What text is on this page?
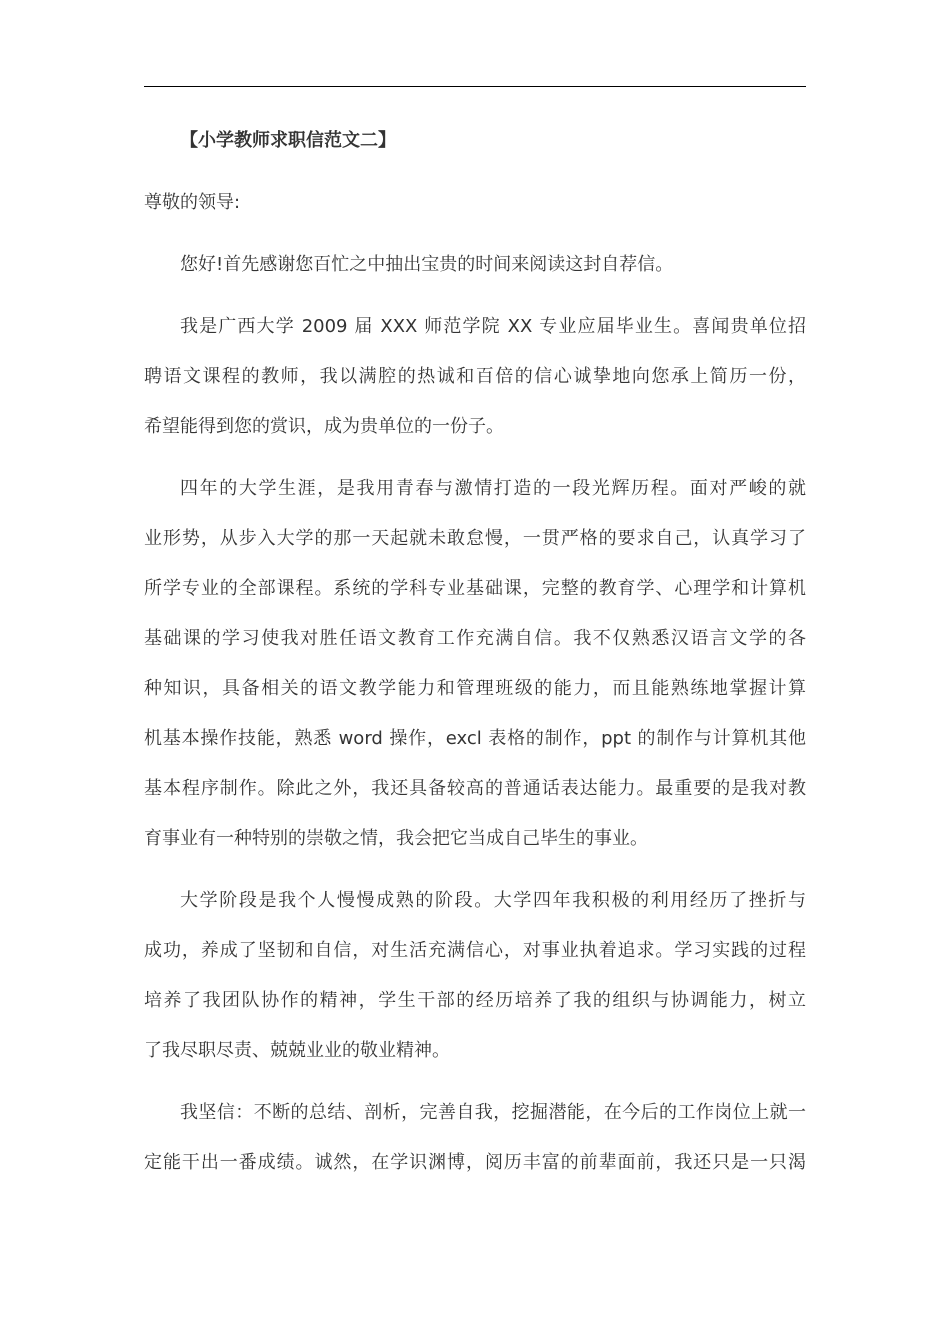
【小学教师求职信范文二】
尊敬的领导:
您好!首先感谢您百忙之中抽出宝贵的时间来阅读这封自荐信。
我是广西大学 2009 届 XXX 师范学院 XX 专业应届毕业生。喜闻贵单位招
聘语文课程的教师，我以满腔的热诚和百倍的信心诚挚地向您承上简历一份，
希望能得到您的赏识，成为贵单位的一份子。
四年的大学生涯，是我用青春与激情打造的一段光辉历程。面对严峻的就
业形势，从步入大学的那一天起就未敢怠慢，一贯严格的要求自己，认真学习了
所学专业的全部课程。系统的学科专业基础课，完整的教育学、心理学和计算机
基础课的学习使我对胜任语文教育工作充满自信。我不仅熟悉汉语言文学的各
种知识，具备相关的语文教学能力和管理班级的能力，而且能熟练地掌握计算
机基本操作技能，熟悉 word 操作，excl 表格的制作，ppt 的制作与计算机其他
基本程序制作。除此之外，我还具备较高的普通话表达能力。最重要的是我对教
育事业有一种特别的崇敬之情，我会把它当成自己毕生的事业。
大学阶段是我个人慢慢成熟的阶段。大学四年我积极的利用经历了挫折与
成功，养成了坚韧和自信，对生活充满信心，对事业执着追求。学习实践的过程
培养了我团队协作的精神，学生干部的经历培养了我的组织与协调能力，树立
了我尽职尽责、兢兢业业的敬业精神。
我坚信：不断的总结、剖析，完善自我，挖掘潜能，在今后的工作岗位上就一
定能干出一番成绩。诚然，在学识渊博，阅历丰富的前辈面前，我还只是一只渴
